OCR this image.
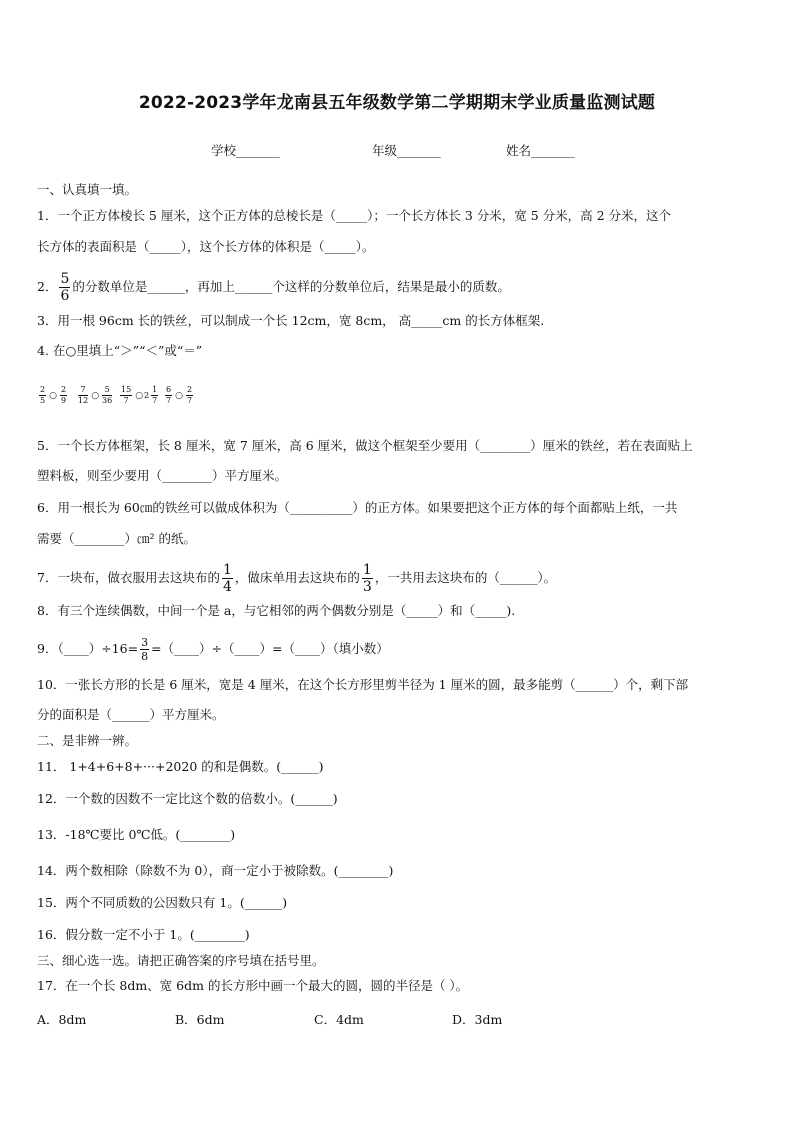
2022-2023学年龙南县五年级数学第二学期期末学业质量监测试题
学校_______	年级_______	姓名_______
一、认真填一填。
1．一个正方体棱长 5 厘米，这个正方体的总棱长是（_____）；一个长方体长 3 分米，宽 5 分米，高 2 分米，这个
长方体的表面积是（_____），这个长方体的体积是（_____）。
2． $\frac{5}{6}$ 的分数单位是______，再加上______个这样的分数单位后，结果是最小的质数。
3．用一根 96cm 长的铁丝，可以制成一个长 12cm，宽 8cm， 高_____cm 的长方体框架.
4. 在○里填上“＞”“＜”或“＝”
$\frac{2}{5}$ ○ $\frac{2}{9} \frac{7}{12}$ ○ $\frac{5}{36} \frac{15}{7}$ ○2 $\frac{1}{7} \frac{6}{7}$ ○ $\frac{2}{7}$
5．一个长方体框架，长 8 厘米，宽 7 厘米，高 6 厘米，做这个框架至少要用（________）厘米的铁丝，若在表面贴上
塑料板，则至少要用（________）平方厘米。
6．用一根长为 60㎝的铁丝可以做成体积为（__________）的正方体。如果要把这个正方体的每个面都贴上纸，一共
需要（________）㎝² 的纸。
7．一块布，做衣服用去这块布的 $\frac{1}{4}$ ，做床单用去这块布的 $\frac{1}{3}$ ，一共用去这块布的（______）。
8．有三个连续偶数，中间一个是 a，与它相邻的两个偶数分别是（_____）和（_____).
9．（____）÷16= $\frac{3}{8}$ =（____）÷（____）=（____）（填小数）
10．一张长方形的长是 6 厘米，宽是 4 厘米，在这个长方形里剪半径为 1 厘米的圆，最多能剪（______）个，剩下部
分的面积是（______）平方厘米。
二、是非辨一辨。
11． 1+4+6+8+···+2020 的和是偶数。(______)
12．一个数的因数不一定比这个数的倍数小。(______)
13．-18℃要比 0℃低。(________)
14．两个数相除（除数不为 0），商一定小于被除数。(________)
15．两个不同质数的公因数只有 1。(______)
16．假分数一定不小于 1。(________)
三、细心选一选。请把正确答案的序号填在括号里。
17．在一个长 8dm、宽 6dm 的长方形中画一个最大的圆，圆的半径是（ ）。
A．8dm	B．6dm	C．4dm	D．3dm
